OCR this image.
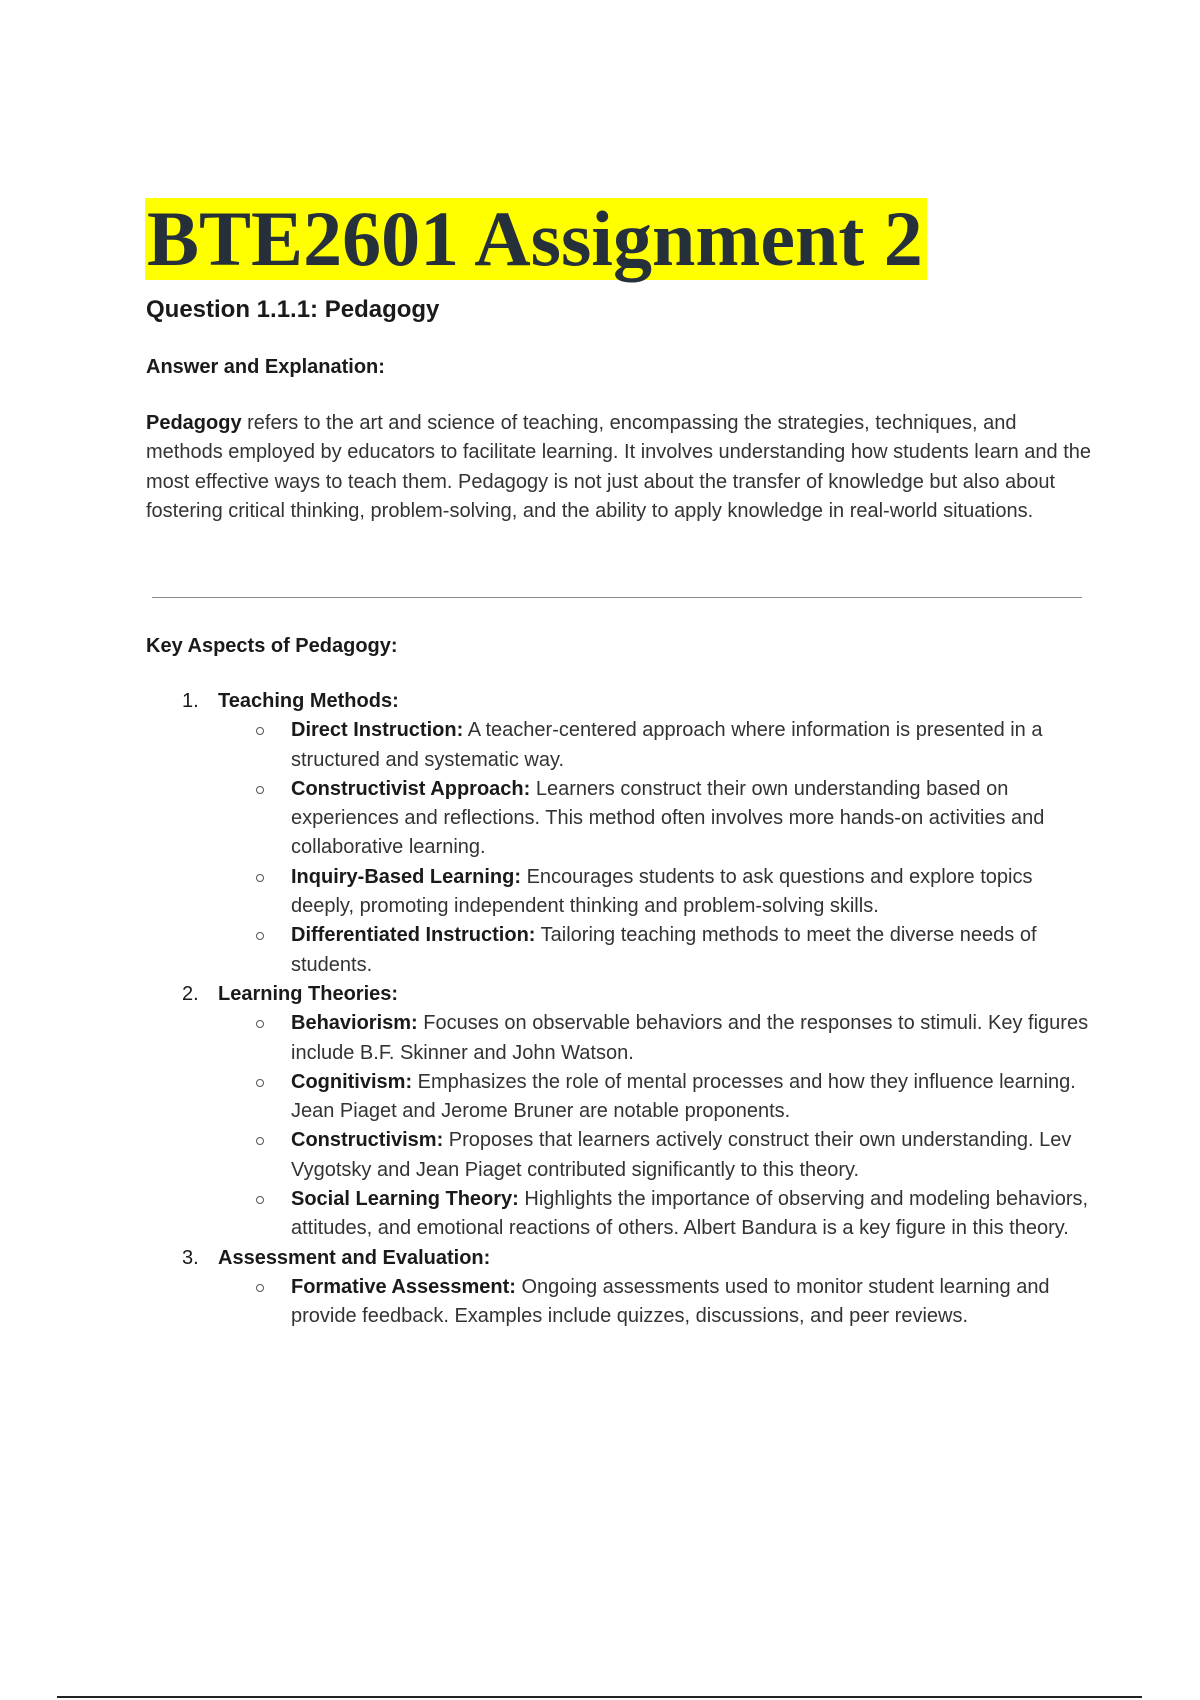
BTE2601 Assignment 2
Question 1.1.1: Pedagogy
Answer and Explanation:

Pedagogy refers to the art and science of teaching, encompassing the strategies, techniques, and methods employed by educators to facilitate learning. It involves understanding how students learn and the most effective ways to teach them. Pedagogy is not just about the transfer of knowledge but also about fostering critical thinking, problem-solving, and the ability to apply knowledge in real-world situations.

Key Aspects of Pedagogy:
1. Teaching Methods:
Direct Instruction: A teacher-centered approach where information is presented in a structured and systematic way.
Constructivist Approach: Learners construct their own understanding based on experiences and reflections. This method often involves more hands-on activities and collaborative learning.
Inquiry-Based Learning: Encourages students to ask questions and explore topics deeply, promoting independent thinking and problem-solving skills.
Differentiated Instruction: Tailoring teaching methods to meet the diverse needs of students.
2. Learning Theories:
Behaviorism: Focuses on observable behaviors and the responses to stimuli. Key figures include B.F. Skinner and John Watson.
Cognitivism: Emphasizes the role of mental processes and how they influence learning. Jean Piaget and Jerome Bruner are notable proponents.
Constructivism: Proposes that learners actively construct their own understanding. Lev Vygotsky and Jean Piaget contributed significantly to this theory.
Social Learning Theory: Highlights the importance of observing and modeling behaviors, attitudes, and emotional reactions of others. Albert Bandura is a key figure in this theory.
3. Assessment and Evaluation:
Formative Assessment: Ongoing assessments used to monitor student learning and provide feedback. Examples include quizzes, discussions, and peer reviews.
